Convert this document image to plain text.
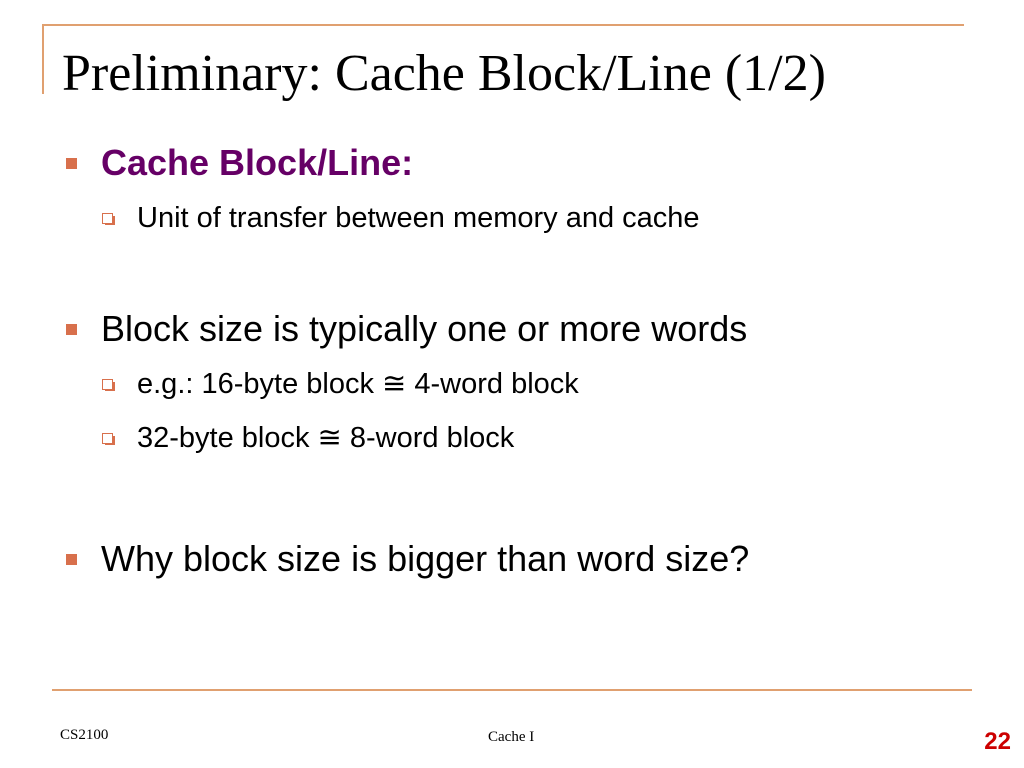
Preliminary: Cache Block/Line (1/2)
Cache Block/Line:
Unit of transfer between memory and cache
Block size is typically one or more words
e.g.: 16-byte block ≅ 4-word block
32-byte block ≅ 8-word block
Why block size is bigger than word size?
CS2100	Cache I	22
